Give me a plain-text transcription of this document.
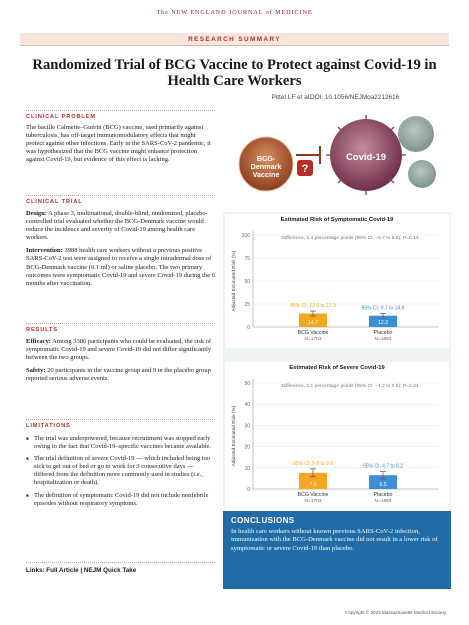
The NEW ENGLAND JOURNAL of MEDICINE
RESEARCH SUMMARY
Randomized Trial of BCG Vaccine to Protect against Covid-19 in Health Care Workers
Pittet LF et al. DOI: 10.1056/NEJMoa2212616
CLINICAL PROBLEM
The bacille Calmette–Guérin (BCG) vaccine, used primarily against tuberculosis, has off-target immunomodulatory effects that might protect against other infections. Early in the SARS-CoV-2 pandemic, it was hypothesized that the BCG vaccine might enhance protection against Covid-19, but evidence of this effect is lacking.
CLINICAL TRIAL
Design: A phase 3, multinational, double-blind, randomized, placebo-controlled trial evaluated whether the BCG-Denmark vaccine would reduce the incidence and severity of Covid-19 among health care workers.
Intervention: 3988 health care workers without a previous positive SARS-CoV-2 test were assigned to receive a single intradermal dose of BCG-Denmark vaccine (0.1 ml) or saline placebo. The two primary outcomes were symptomatic Covid-19 and severe Covid-19 during the 6 months after vaccination.
RESULTS
Efficacy: Among 3386 participants who could be evaluated, the risk of symptomatic Covid-19 and severe Covid-19 did not differ significantly between the two groups.
Safety: 20 participants in the vaccine group and 9 in the placebo group reported serious adverse events.
LIMITATIONS
■ The trial was underpowered, because recruitment was stopped early owing to the fact that Covid-19–specific vaccines became available.
■ The trial definition of severe Covid-19 — which included being too sick to get out of bed or go to work for 3 consecutive days — differed from the definition more commonly used in studies (i.e., hospitalization or death).
■ The definition of symptomatic Covid-19 did not include nonfebrile episodes without respiratory symptoms.
Links: Full Article | NEJM Quick Take
BCG-
Denmark
Vaccine ?
Covid-19
Estimated Risk of Symptomatic Covid-19
0
25
50
75
100
Adjusted Estimated Risk (%)
Difference, 2.4 percentage points (95% CI, −0.7 to 5.5); P=0.13
14.7
95% CI, 12.0 to 17.3
BCG Vaccine
N=1703
12.3
95% CI, 9.7 to 14.8
Placebo
N=1683
Estimated Risk of Severe Covid-19
0
10
20
30
40
50
Adjusted Estimated Risk (%)
Difference, 1.1 percentage points (95% CI, −1.2 to 3.5); P=0.34
7.6
95% CI, 5.8 to 9.5
BCG Vaccine
N=1703
6.5
95% CI, 4.7 to 8.2
Placebo
N=1683
CONCLUSIONS
In health care workers without known previous SARS-CoV-2 infection, immunization with the BCG-Denmark vaccine did not result in a lower risk of symptomatic or severe Covid-19 than placebo.
Copyright © 2023 Massachusetts Medical Society.
